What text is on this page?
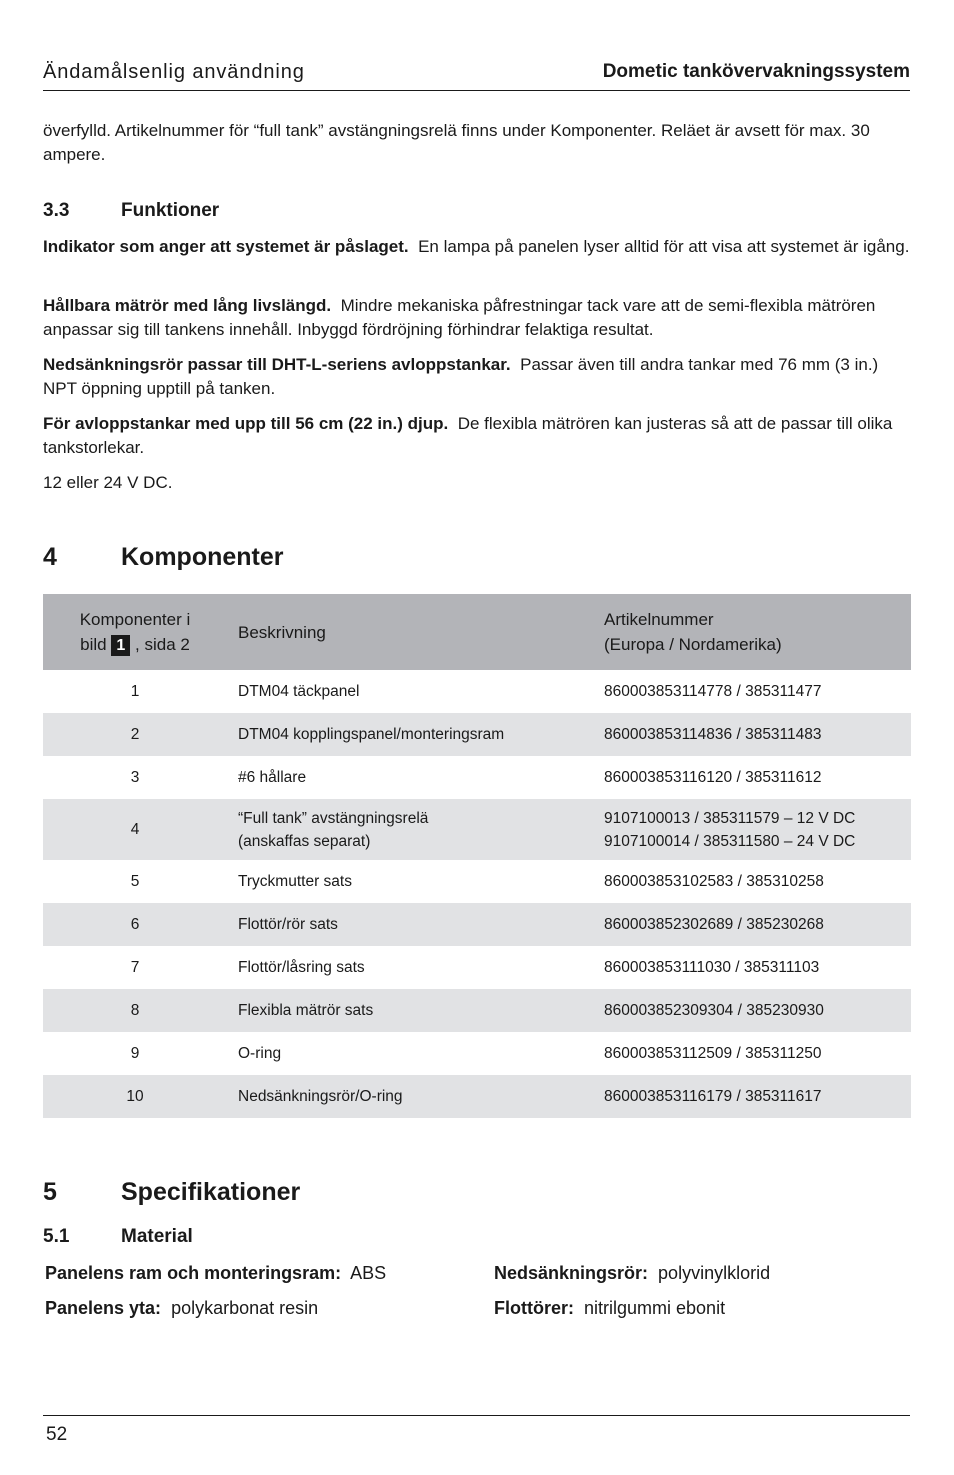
Ändamålsenlig användning	Dometic tankövervakningssystem

överfylld. Artikelnummer för “full tank” avstängningsrelä finns under Komponenter. Reläet är avsett för max. 30 ampere.

3.3	Funktioner

Indikator som anger att systemet är påslaget. En lampa på panelen lyser alltid för att visa att systemet är igång.

Hållbara mätrör med lång livslängd. Mindre mekaniska påfrestningar tack vare att de semi-flexibla mätrören anpassar sig till tankens innehåll. Inbyggd fördröjning förhindrar felaktiga resultat.

Nedsänkningsrör passar till DHT-L-seriens avloppstankar. Passar även till andra tankar med 76 mm (3 in.) NPT öppning upptill på tanken.

För avloppstankar med upp till 56 cm (22 in.) djup. De flexibla mätrören kan justeras så att de passar till olika tankstorlekar.

12 eller 24 V DC.

4	Komponenter
Komponenter i
bild 1 , sida 2	Beskrivning	Artikelnummer
(Europa / Nordamerika)
1	DTM04 täckpanel	860003853114778 / 385311477
2	DTM04 kopplingspanel/monteringsram	860003853114836 / 385311483
3	#6 hållare	860003853116120 / 385311612
4	“Full tank” avstängningsrelä
(anskaffas separat)	9107100013 / 385311579 – 12 V DC
9107100014 / 385311580 – 24 V DC
5	Tryckmutter sats	860003853102583 / 385310258
6	Flottör/rör sats	860003852302689 / 385230268
7	Flottör/låsring sats	860003853111030 / 385311103
8	Flexibla mätrör sats	860003852309304 / 385230930
9	O-ring	860003853112509 / 385311250
10	Nedsänkningsrör/O-ring	860003853116179 / 385311617
5	Specifikationer
5.1	Material
Panelens ram och monteringsram: ABS	Nedsänkningsrör: polyvinylklorid
Panelens yta: polykarbonat resin	Flottörer: nitrilgummi ebonit
52
